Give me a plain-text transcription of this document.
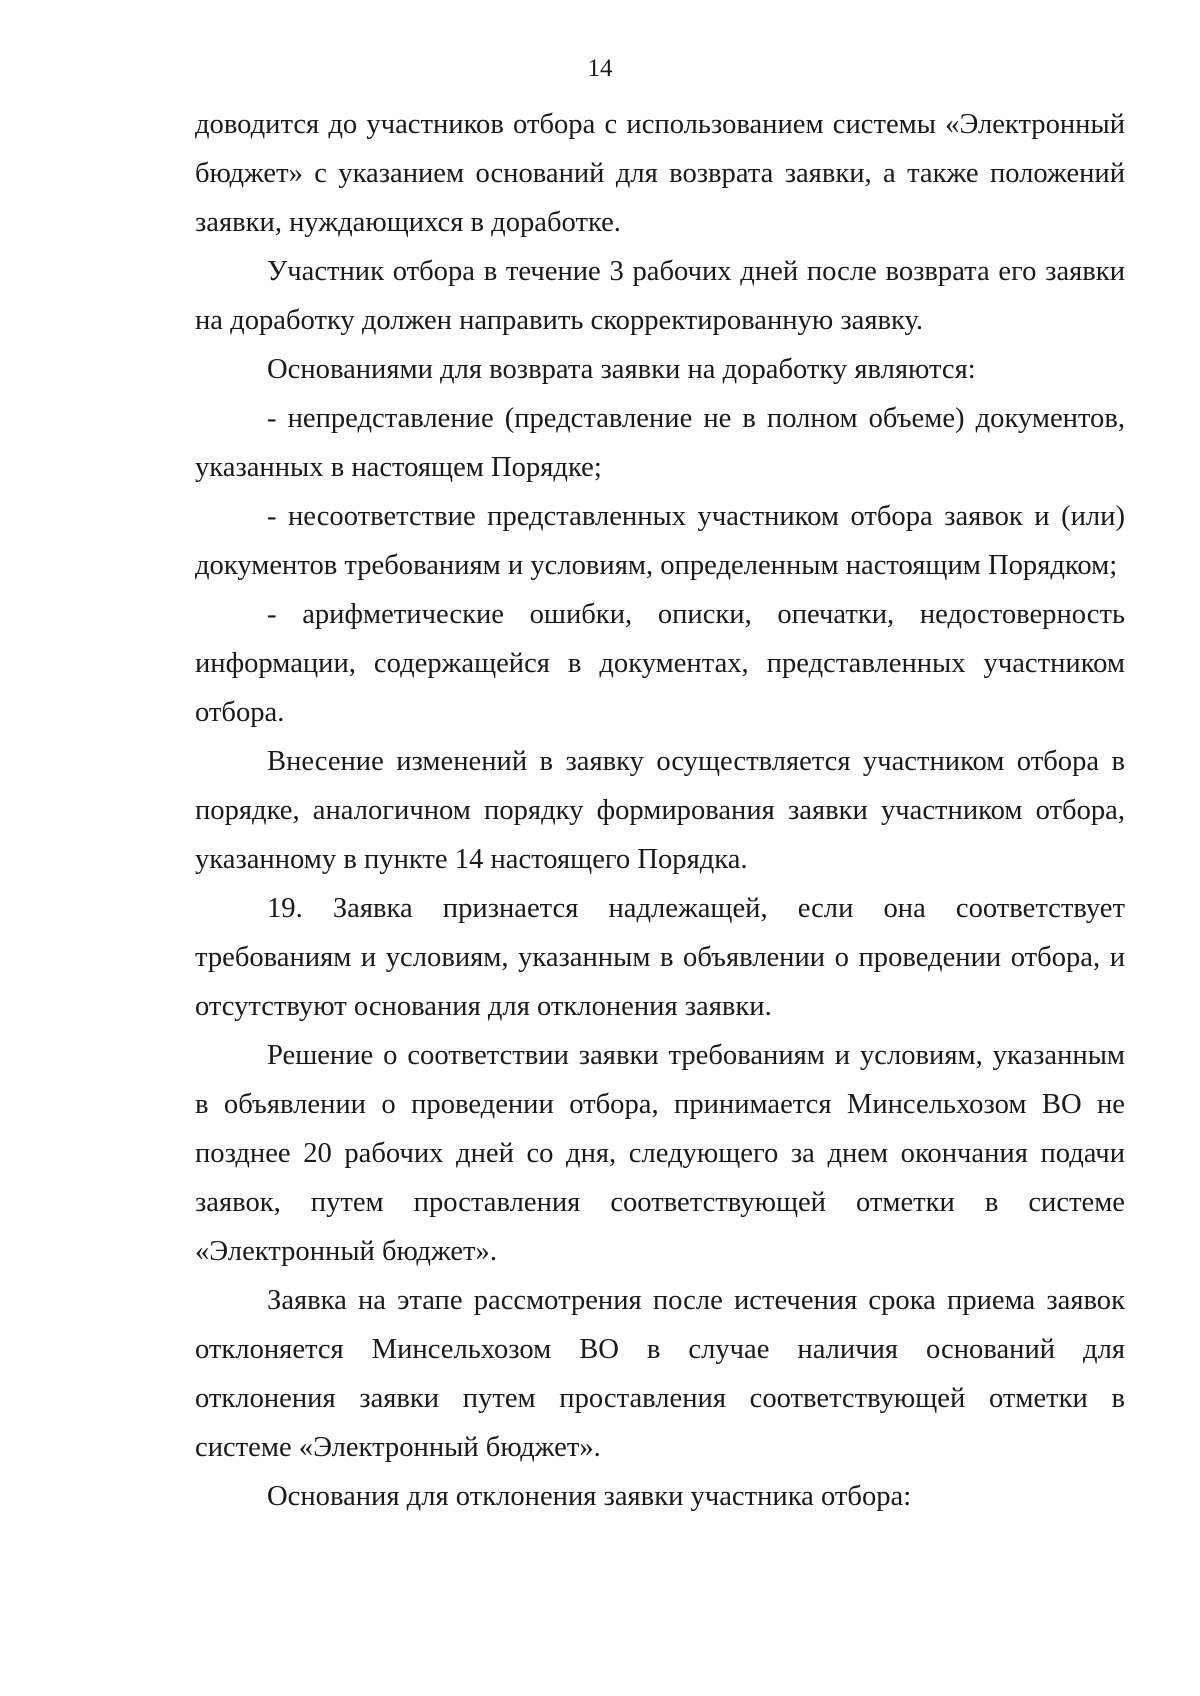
14

доводится до участников отбора с использованием системы «Электронный бюджет» с указанием оснований для возврата заявки, а также положений заявки, нуждающихся в доработке.

Участник отбора в течение 3 рабочих дней после возврата его заявки на доработку должен направить скорректированную заявку.

Основаниями для возврата заявки на доработку являются:

- непредставление (представление не в полном объеме) документов, указанных в настоящем Порядке;

- несоответствие представленных участником отбора заявок и (или) документов требованиям и условиям, определенным настоящим Порядком;

- арифметические ошибки, описки, опечатки, недостоверность информации, содержащейся в документах, представленных участником отбора.

Внесение изменений в заявку осуществляется участником отбора в порядке, аналогичном порядку формирования заявки участником отбора, указанному в пункте 14 настоящего Порядка.

19. Заявка признается надлежащей, если она соответствует требованиям и условиям, указанным в объявлении о проведении отбора, и отсутствуют основания для отклонения заявки.

Решение о соответствии заявки требованиям и условиям, указанным в объявлении о проведении отбора, принимается Минсельхозом ВО не позднее 20 рабочих дней со дня, следующего за днем окончания подачи заявок, путем проставления соответствующей отметки в системе «Электронный бюджет».

Заявка на этапе рассмотрения после истечения срока приема заявок отклоняется Минсельхозом ВО в случае наличия оснований для отклонения заявки путем проставления соответствующей отметки в системе «Электронный бюджет».

Основания для отклонения заявки участника отбора:
